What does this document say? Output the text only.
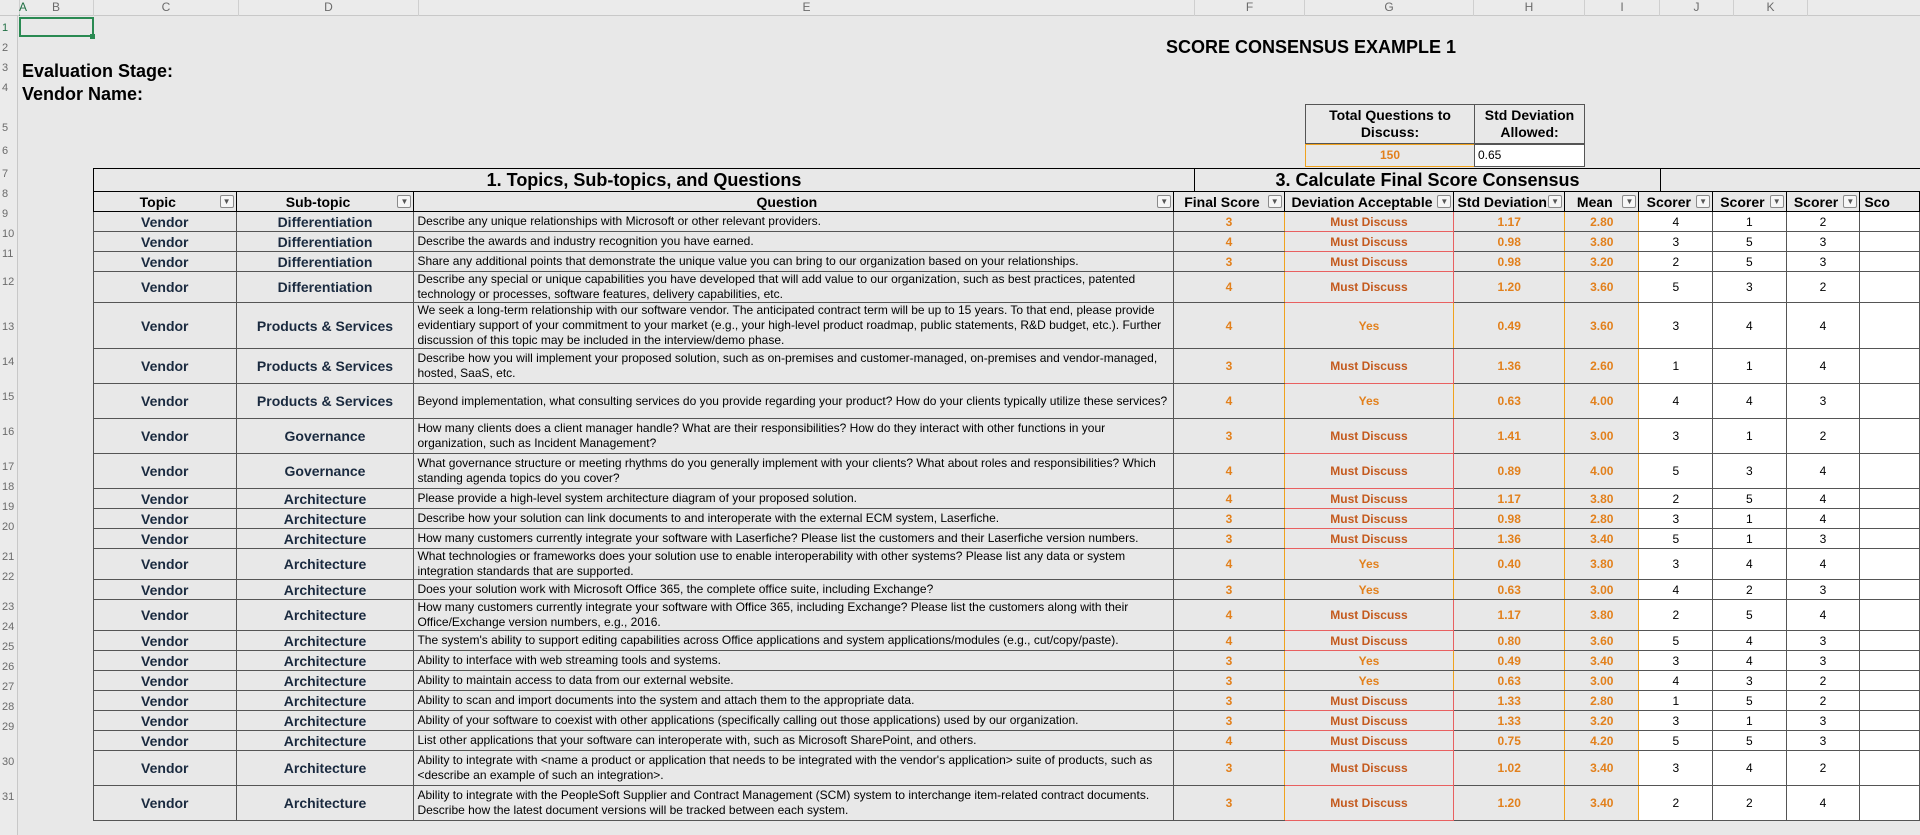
A	B	C	D	E	F	G	H	I	J	K
1
2
3
4
5
6
7
8
9
10
11
12
13
14
15
16
17
18
19
20
21
22
23
24
25
26
27
28
29
30
31
SCORE CONSENSUS EXAMPLE 1
Evaluation Stage:
Vendor Name:
Total Questions to Discuss:
Std Deviation Allowed:
150	0.65
1. Topics, Sub-topics, and Questions	3. Calculate Final Score Consensus
Topic ▼	Sub-topic ▼	Question ▼	Final Score ▼	Deviation Acceptable ▼	Std Deviation ▼	Mean ▼	Scorer ▼	Scorer ▼	Scorer ▼	Sco
Vendor	Differentiation	Describe any unique relationships with Microsoft or other relevant providers.	3	Must Discuss	1.17	2.80	4	1	2	
Vendor	Differentiation	Describe the awards and industry recognition you have earned.	4	Must Discuss	0.98	3.80	3	5	3	
Vendor	Differentiation	Share any additional points that demonstrate the unique value you can bring to our organization based on your relationships.	3	Must Discuss	0.98	3.20	2	5	3	
Vendor	Differentiation	Describe any special or unique capabilities you have developed that will add value to our organization, such as best practices, patented technology or processes, software features, delivery capabilities, etc.	4	Must Discuss	1.20	3.60	5	3	2	
Vendor	Products & Services	We seek a long-term relationship with our software vendor. The anticipated contract term will be up to 15 years. To that end, please provide evidentiary support of your commitment to your market (e.g., your high-level product roadmap, public statements, R&D budget, etc.). Further discussion of this topic may be included in the interview/demo phase.	4	Yes	0.49	3.60	3	4	4	
Vendor	Products & Services	Describe how you will implement your proposed solution, such as on-premises and customer-managed, on-premises and vendor-managed, hosted, SaaS, etc.	3	Must Discuss	1.36	2.60	1	1	4	
Vendor	Products & Services	Beyond implementation, what consulting services do you provide regarding your product? How do your clients typically utilize these services?	4	Yes	0.63	4.00	4	4	3	
Vendor	Governance	How many clients does a client manager handle? What are their responsibilities? How do they interact with other functions in your organization, such as Incident Management?	3	Must Discuss	1.41	3.00	3	1	2	
Vendor	Governance	What governance structure or meeting rhythms do you generally implement with your clients? What about roles and responsibilities? Which standing agenda topics do you cover?	4	Must Discuss	0.89	4.00	5	3	4	
Vendor	Architecture	Please provide a high-level system architecture diagram of your proposed solution.	4	Must Discuss	1.17	3.80	2	5	4	
Vendor	Architecture	Describe how your solution can link documents to and interoperate with the external ECM system, Laserfiche.	3	Must Discuss	0.98	2.80	3	1	4	
Vendor	Architecture	How many customers currently integrate your software with Laserfiche? Please list the customers and their Laserfiche version numbers.	3	Must Discuss	1.36	3.40	5	1	3	
Vendor	Architecture	What technologies or frameworks does your solution use to enable interoperability with other systems? Please list any data or system integration standards that are supported.	4	Yes	0.40	3.80	3	4	4	
Vendor	Architecture	Does your solution work with Microsoft Office 365, the complete office suite, including Exchange?	3	Yes	0.63	3.00	4	2	3	
Vendor	Architecture	How many customers currently integrate your software with Office 365, including Exchange? Please list the customers along with their Office/Exchange version numbers, e.g., 2016.	4	Must Discuss	1.17	3.80	2	5	4	
Vendor	Architecture	The system's ability to support editing capabilities across Office applications and system applications/modules (e.g., cut/copy/paste).	4	Must Discuss	0.80	3.60	5	4	3	
Vendor	Architecture	Ability to interface with web streaming tools and systems.	3	Yes	0.49	3.40	3	4	3	
Vendor	Architecture	Ability to maintain access to data from our external website.	3	Yes	0.63	3.00	4	3	2	
Vendor	Architecture	Ability to scan and import documents into the system and attach them to the appropriate data.	3	Must Discuss	1.33	2.80	1	5	2	
Vendor	Architecture	Ability of your software to coexist with other applications (specifically calling out those applications) used by our organization.	3	Must Discuss	1.33	3.20	3	1	3	
Vendor	Architecture	List other applications that your software can interoperate with, such as Microsoft SharePoint, and others.	4	Must Discuss	0.75	4.20	5	5	3	
Vendor	Architecture	Ability to integrate with <name a product or application that needs to be integrated with the vendor's application> suite of products, such as <describe an example of such an integration>.	3	Must Discuss	1.02	3.40	3	4	2	
Vendor	Architecture	Ability to integrate with the PeopleSoft Supplier and Contract Management (SCM) system to interchange item-related contract documents. Describe how the latest document versions will be tracked between each system.	3	Must Discuss	1.20	3.40	2	2	4	
